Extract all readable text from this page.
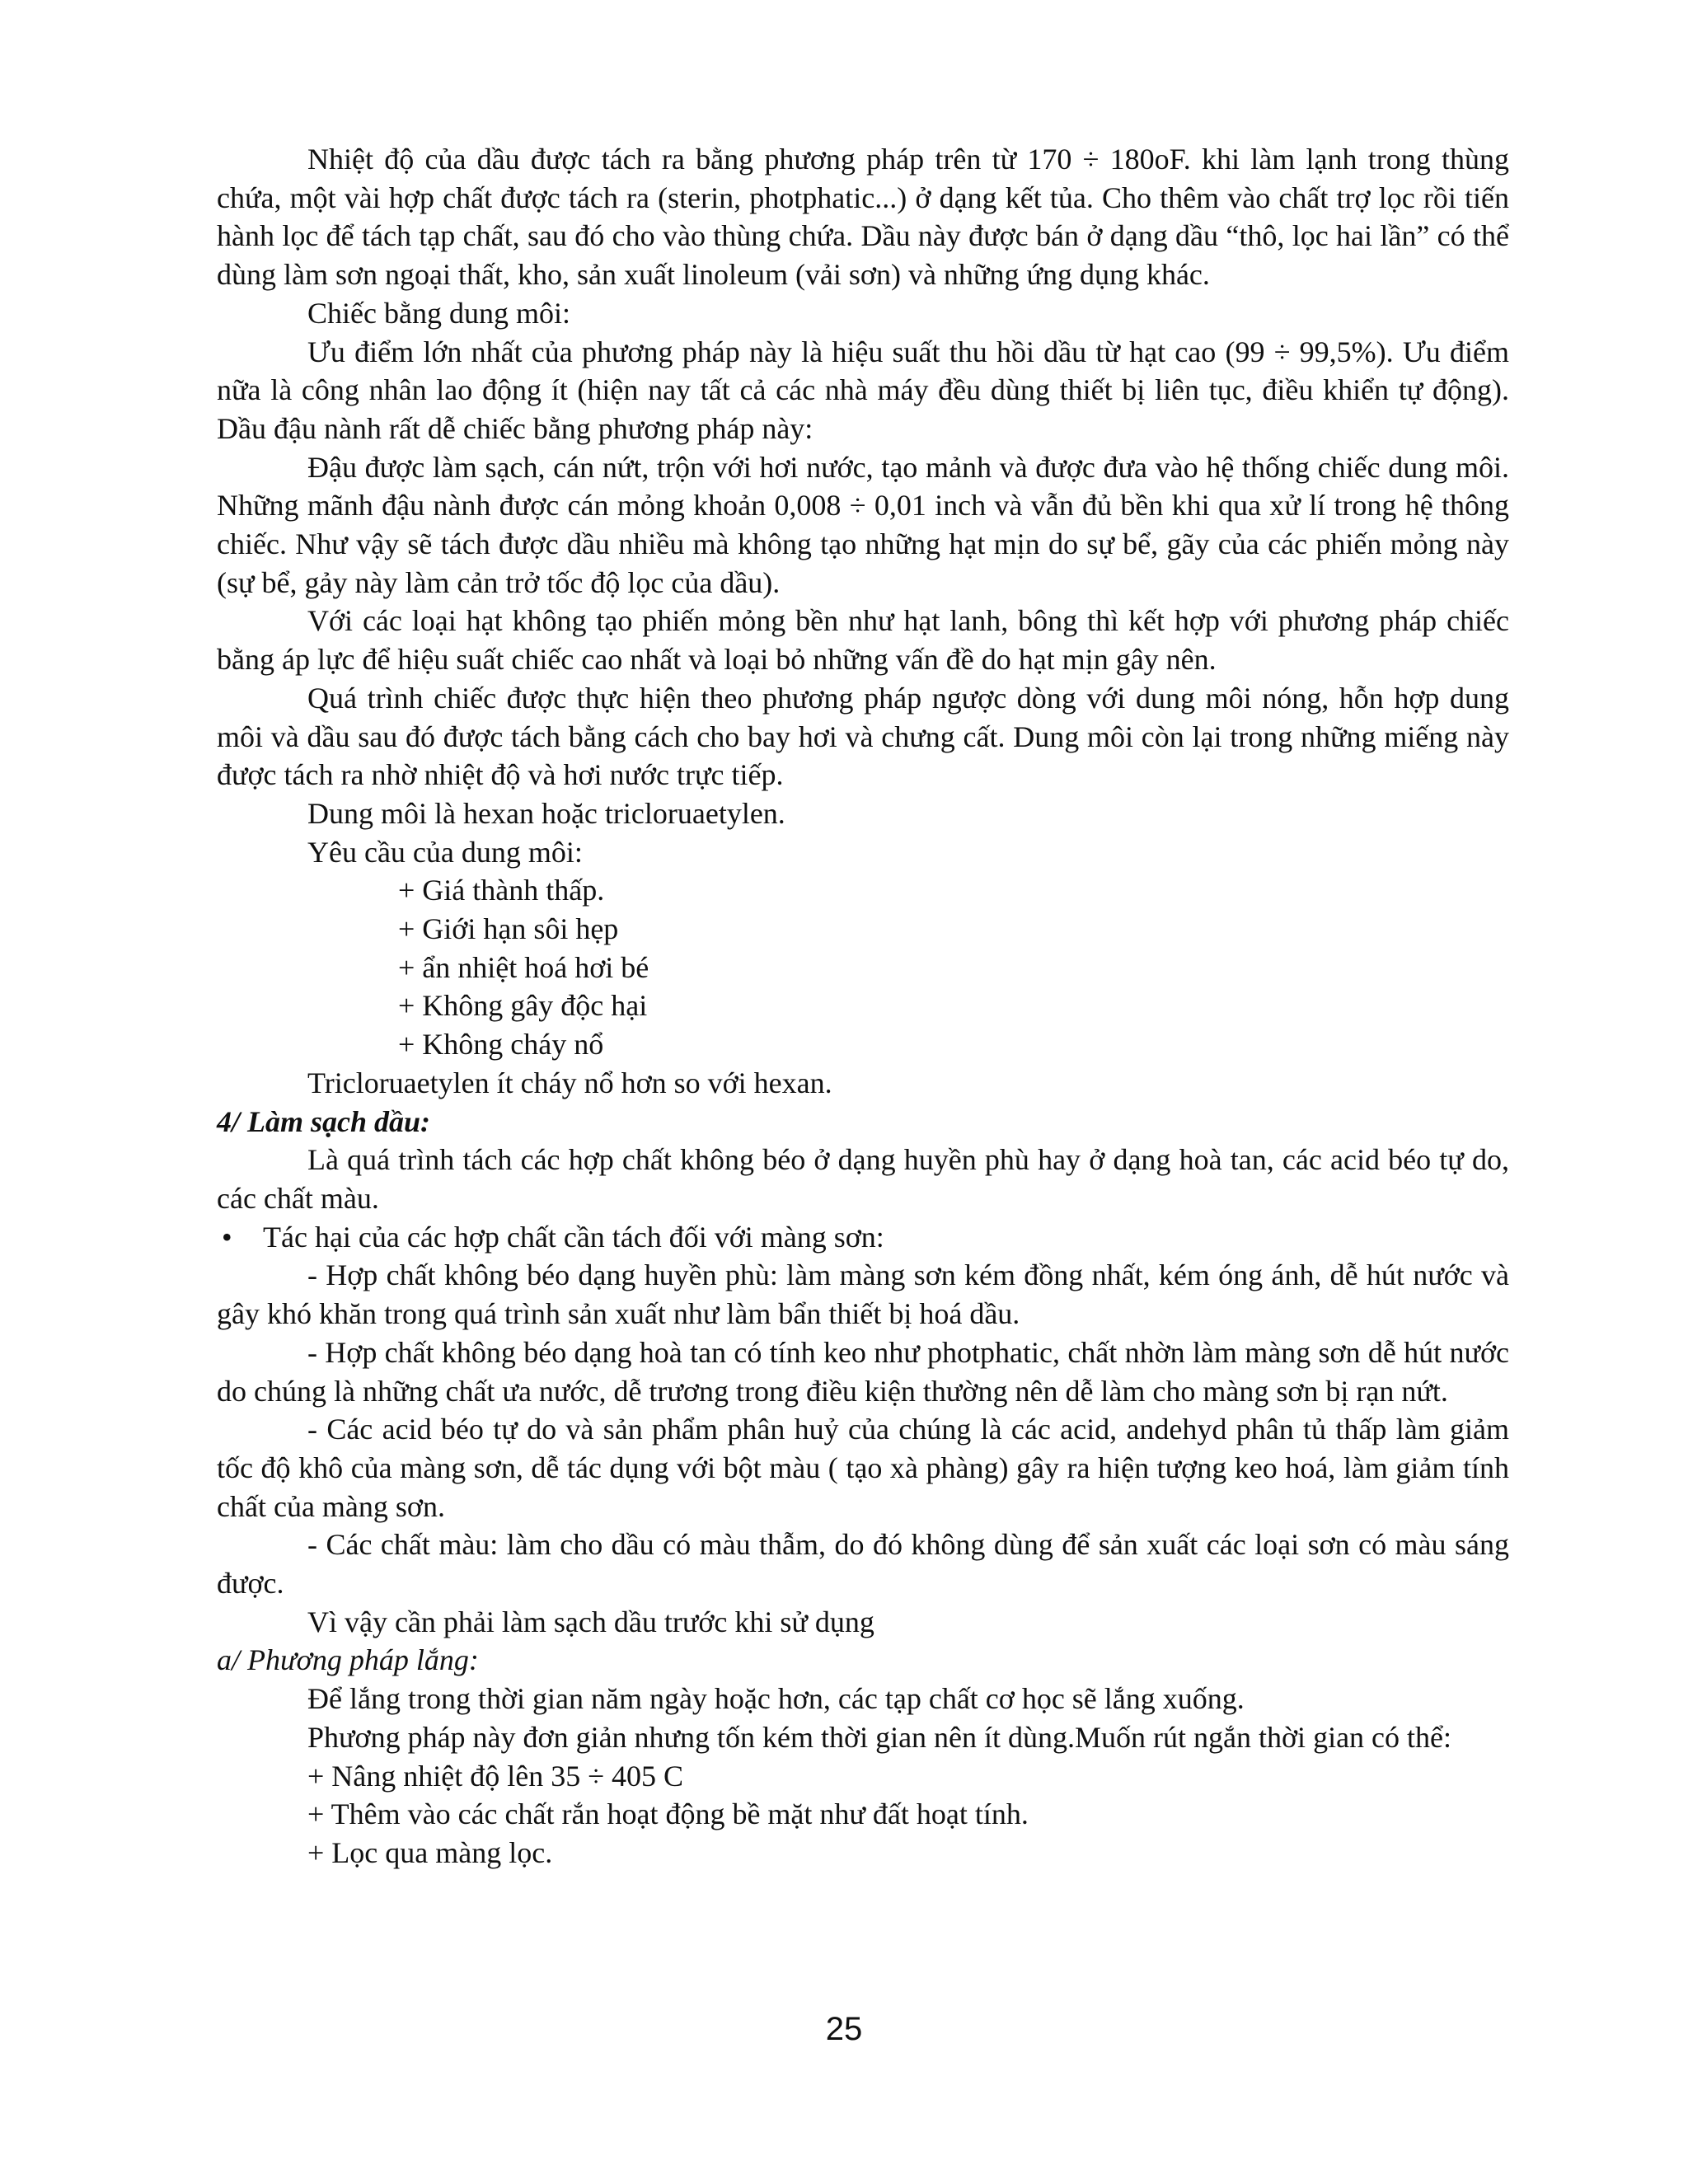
Nhiệt độ của dầu được tách ra bằng phương pháp trên từ 170 ÷ 180oF. khi làm lạnh trong thùng chứa, một vài hợp chất được tách ra (sterin, photphatic...) ở dạng kết tủa. Cho thêm vào chất trợ lọc rồi tiến hành lọc để tách tạp chất, sau đó cho vào thùng chứa. Dầu này được bán ở dạng dầu “thô, lọc hai lần” có thể dùng làm sơn ngoại thất, kho, sản xuất linoleum (vải sơn) và những ứng dụng khác.

Chiếc bằng dung môi:

Ưu điểm lớn nhất của phương pháp này là hiệu suất thu hồi dầu từ hạt cao (99 ÷ 99,5%). Ưu điểm nữa là công nhân lao động ít (hiện nay tất cả các nhà máy đều dùng thiết bị liên tục, điều khiển tự động). Dầu đậu nành rất dễ chiếc bằng phương pháp này:

Đậu được làm sạch, cán nứt, trộn với hơi nước, tạo mảnh và được đưa vào hệ thống chiếc dung môi. Những mãnh đậu nành được cán mỏng khoản 0,008 ÷ 0,01 inch và vẫn đủ bền khi qua xử lí trong hệ thông chiếc. Như vậy sẽ tách được dầu nhiều mà không tạo những hạt mịn do sự bể, gãy của các phiến mỏng này (sự bể, gảy này làm cản trở tốc độ lọc của dầu).

Với các loại hạt không tạo phiến mỏng bền như hạt lanh, bông thì kết hợp với phương pháp chiếc bằng áp lực để hiệu suất chiếc cao nhất và loại bỏ những vấn đề do hạt mịn gây nên.

Quá trình chiếc được thực hiện theo phương pháp ngược dòng với dung môi nóng, hỗn hợp dung môi và dầu sau đó được tách bằng cách cho bay hơi và chưng cất. Dung môi còn lại trong những miếng này được tách ra nhờ nhiệt độ và hơi nước trực tiếp.

Dung môi là hexan hoặc tricloruaetylen.

Yêu cầu của dung môi:

+ Giá thành thấp.

+ Giới hạn sôi hẹp

+ ẩn nhiệt hoá hơi bé

+ Không gây độc hại

+ Không cháy nổ

Tricloruaetylen ít cháy nổ hơn so với hexan.

4/ Làm sạch dầu:

Là quá trình tách các hợp chất không béo ở dạng huyền phù hay ở dạng hoà tan, các acid béo tự do, các chất màu.

•	Tác hại của các hợp chất cần tách đối với màng sơn:

- Hợp chất không béo dạng huyền phù: làm màng sơn kém đồng nhất, kém óng ánh, dễ hút nước và gây khó khăn trong quá trình sản xuất như làm bẩn thiết bị hoá dầu.

- Hợp chất không béo dạng hoà tan có tính keo như photphatic, chất nhờn làm màng sơn dễ hút nước do chúng là những chất ưa nước, dễ trương trong điều kiện thường nên dễ làm cho màng sơn bị rạn nứt.

- Các acid béo tự do và sản phẩm phân huỷ của chúng là các acid, andehyd phân tủ thấp làm giảm tốc độ khô của màng sơn, dễ tác dụng với bột màu ( tạo xà phàng) gây ra hiện tượng keo hoá, làm giảm tính chất của màng sơn.

- Các chất màu: làm cho dầu có màu thẫm, do đó không dùng để sản xuất các loại sơn có màu sáng được.

Vì vậy cần phải làm sạch dầu trước khi sử dụng

a/ Phương pháp lắng:

Để lắng trong thời gian năm ngày hoặc hơn, các tạp chất cơ học sẽ lắng xuống.

Phương pháp này đơn giản nhưng tốn kém thời gian nên ít dùng.Muốn rút ngắn thời gian có thể:

+ Nâng nhiệt độ lên 35 ÷ 405 C

+ Thêm vào các chất rắn hoạt động bề mặt như đất hoạt tính.

+ Lọc qua màng lọc.

25
